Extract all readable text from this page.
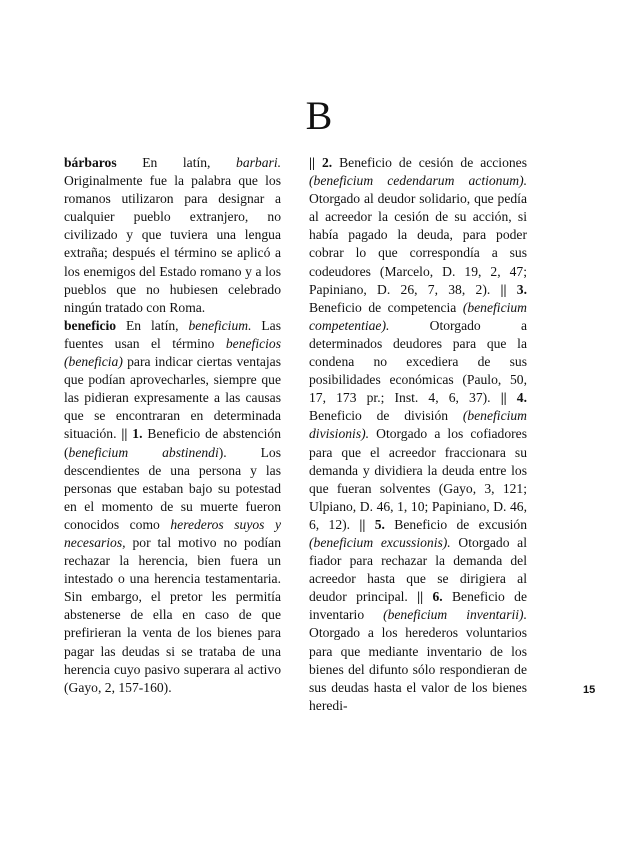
B

bárbaros En latín, barbari. Originalmente fue la palabra que los romanos utilizaron para designar a cualquier pueblo extranjero, no civilizado y que tuviera una lengua extraña; después el término se aplicó a los enemigos del Estado romano y a los pueblos que no hubiesen celebrado ningún tratado con Roma.

beneficio En latín, beneficium. Las fuentes usan el término beneficios (beneficia) para indicar ciertas ventajas que podían aprovecharles, siempre que las pidieran expresamente a las causas que se encontraran en determinada situación. || 1. Beneficio de abstención (beneficium abstinendi). Los descendientes de una persona y las personas que estaban bajo su potestad en el momento de su muerte fueron conocidos como herederos suyos y necesarios, por tal motivo no podían rechazar la herencia, bien fuera un intestado o una herencia testamentaria. Sin embargo, el pretor les permitía abstenerse de ella en caso de que prefirieran la venta de los bienes para pagar las deudas si se trataba de una herencia cuyo pasivo superara al activo (Gayo, 2, 157-160).

|| 2. Beneficio de cesión de acciones (beneficium cedendarum actionum). Otorgado al deudor solidario, que pedía al acreedor la cesión de su acción, si había pagado la deuda, para poder cobrar lo que correspondía a sus codeudores (Marcelo, D. 19, 2, 47; Papiniano, D. 26, 7, 38, 2). || 3. Beneficio de competencia (beneficium competentiae). Otorgado a determinados deudores para que la condena no excediera de sus posibilidades económicas (Paulo, 50, 17, 173 pr.; Inst. 4, 6, 37). || 4. Beneficio de división (beneficium divisionis). Otorgado a los cofiadores para que el acreedor fraccionara su demanda y dividiera la deuda entre los que fueran solventes (Gayo, 3, 121; Ulpiano, D. 46, 1, 10; Papiniano, D. 46, 6, 12). || 5. Beneficio de excusión (beneficium excussionis). Otorgado al fiador para rechazar la demanda del acreedor hasta que se dirigiera al deudor principal. || 6. Beneficio de inventario (beneficium inventarii). Otorgado a los herederos voluntarios para que mediante inventario de los bienes del difunto sólo respondieran de sus deudas hasta el valor de los bienes heredi-

15
